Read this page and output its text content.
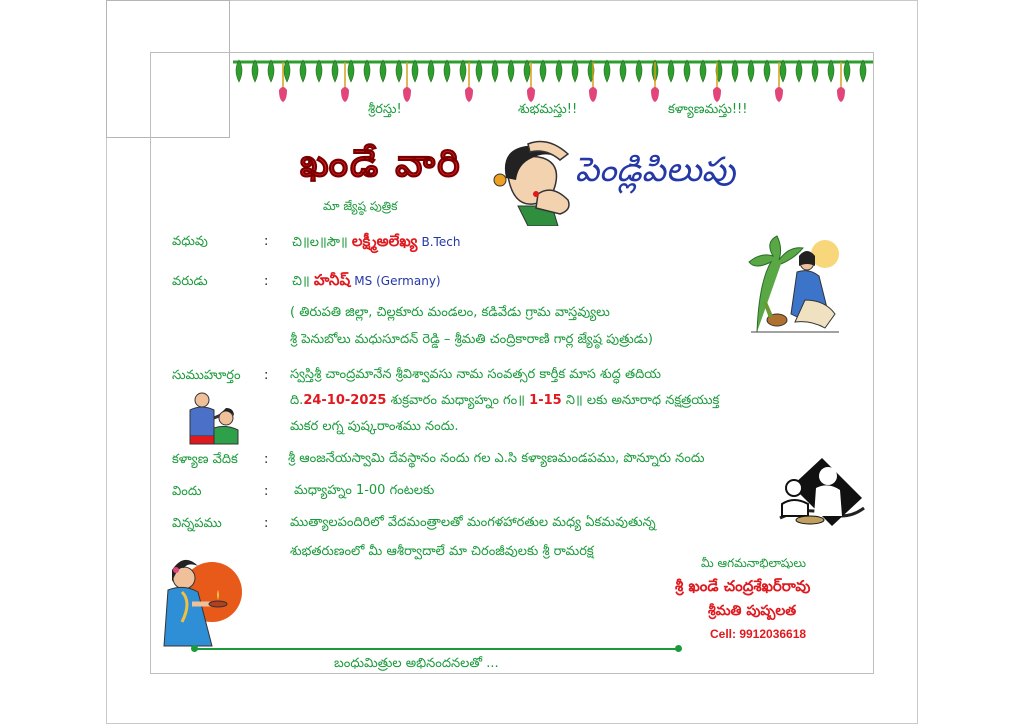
శ్రీరస్తు!	శుభమస్తు!!	కళ్యాణమస్తు!!!
ఖండే వారి	పెండ్లిపిలుపు
మా జ్యేష్ఠ పుత్రిక
వధువు	: చి॥ల॥సౌ॥ లక్ష్మీఅలేఖ్య B.Tech
వరుడు	: చి॥ హనీష్ MS (Germany)
( తిరుపతి జిల్లా, చిల్లకూరు మండలం, కడివేడు గ్రామ వాస్తవ్యులు
శ్రీ పెనుబోలు మధుసూదన్ రెడ్డి – శ్రీమతి చంద్రికారాణి గార్ల జ్యేష్ఠ పుత్రుడు)
సుముహూర్తం : స్వస్తిశ్రీ చాంద్రమానేన శ్రీవిశ్వావసు నామ సంవత్సర కార్తీక మాస శుద్ధ తదియ
ది.24-10-2025 శుక్రవారం మధ్యాహ్నం గం॥ 1-15 ని॥ లకు అనూరాధ నక్షత్రయుక్త
మకర లగ్న పుష్కరాంశము నందు.
కళ్యాణ వేదిక : శ్రీ ఆంజనేయస్వామి దేవస్థానం నందు గల ఎ.సి కళ్యాణమండపము, పొన్నూరు నందు
విందు	: మధ్యాహ్నం 1-00 గంటలకు
విన్నపము	: ముత్యాలపందిరిలో వేదమంత్రాలతో మంగళహారతుల మధ్య ఏకమవుతున్న
శుభతరుణంలో మీ ఆశీర్వాదాలే మా చిరంజీవులకు శ్రీ రామరక్ష
మీ ఆగమనాభిలాషులు
శ్రీ ఖండే చంద్రశేఖర్‌రావు
శ్రీమతి పుష్పలత
Cell: 9912036618
బంధుమిత్రుల అభినందనలతో ...
